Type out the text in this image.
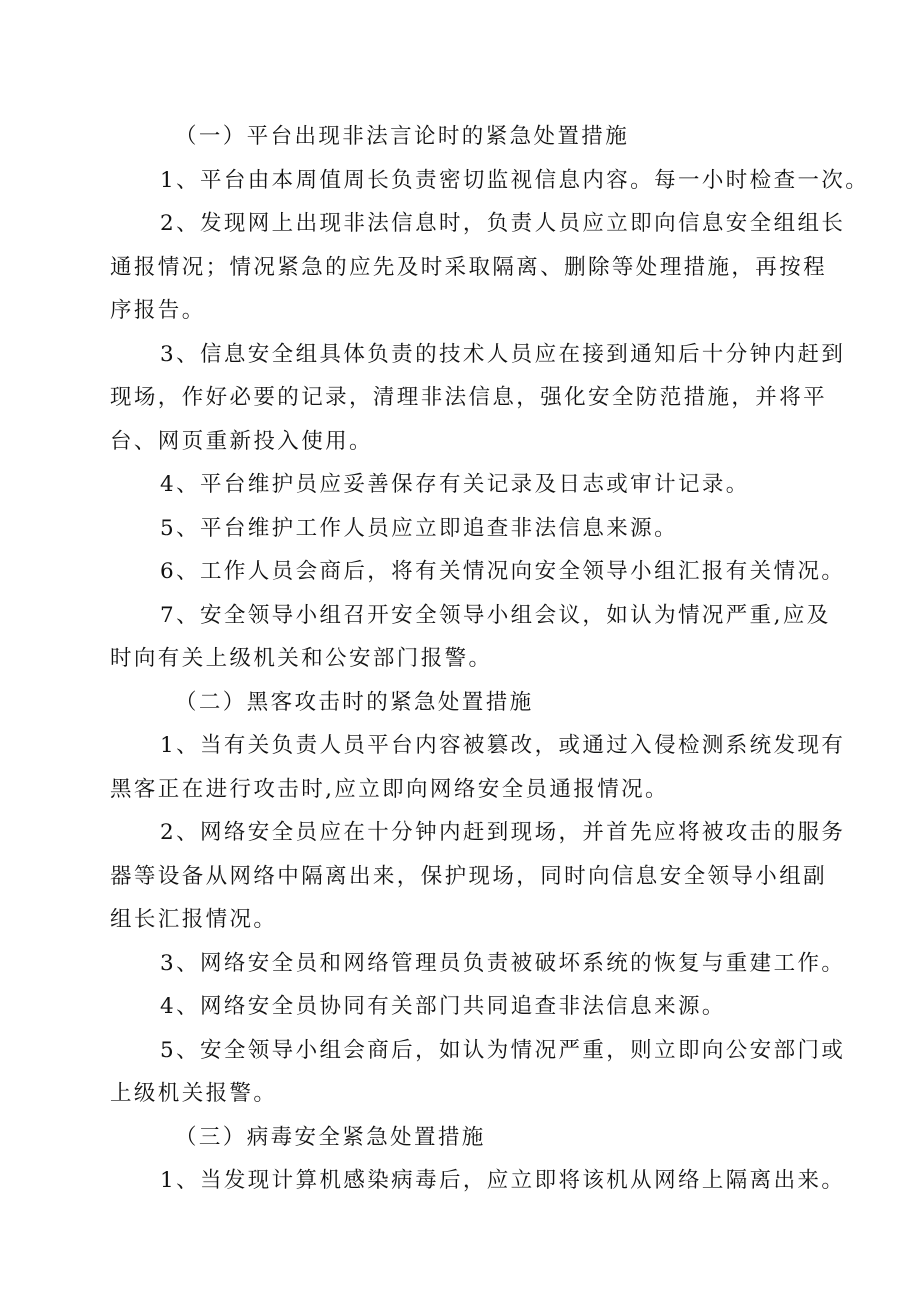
（一）平台出现非法言论时的紧急处置措施
1、平台由本周值周长负责密切监视信息内容。每一小时检查一次。
2、发现网上出现非法信息时，负责人员应立即向信息安全组组长
通报情况；情况紧急的应先及时采取隔离、删除等处理措施，再按程
序报告。
3、信息安全组具体负责的技术人员应在接到通知后十分钟内赶到
现场，作好必要的记录，清理非法信息，强化安全防范措施，并将平
台、网页重新投入使用。
4、平台维护员应妥善保存有关记录及日志或审计记录。
5、平台维护工作人员应立即追查非法信息来源。
6、工作人员会商后，将有关情况向安全领导小组汇报有关情况。
7、安全领导小组召开安全领导小组会议，如认为情况严重,应及
时向有关上级机关和公安部门报警。
（二）黑客攻击时的紧急处置措施
1、当有关负责人员平台内容被篡改，或通过入侵检测系统发现有
黑客正在进行攻击时,应立即向网络安全员通报情况。
2、网络安全员应在十分钟内赶到现场，并首先应将被攻击的服务
器等设备从网络中隔离出来，保护现场，同时向信息安全领导小组副
组长汇报情况。
3、网络安全员和网络管理员负责被破坏系统的恢复与重建工作。
4、网络安全员协同有关部门共同追查非法信息来源。
5、安全领导小组会商后，如认为情况严重，则立即向公安部门或
上级机关报警。
（三）病毒安全紧急处置措施
1、当发现计算机感染病毒后，应立即将该机从网络上隔离出来。
